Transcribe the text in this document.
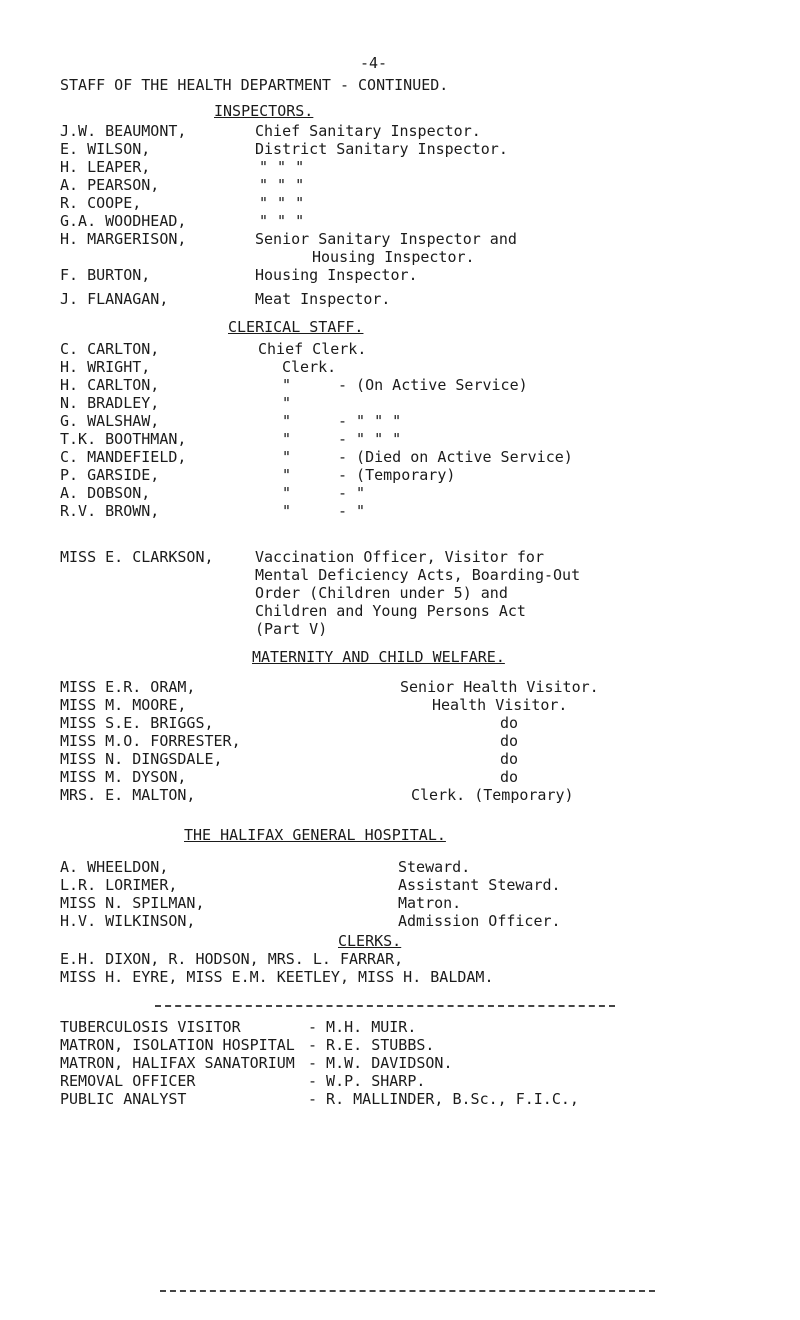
-4-
STAFF OF THE HEALTH DEPARTMENT - CONTINUED.
INSPECTORS.
J.W. BEAUMONT,
E. WILSON,
H. LEAPER,
A. PEARSON,
R. COOPE,
G.A. WOODHEAD,
H. MARGERISON,
F. BURTON,
J. FLANAGAN,
Chief Sanitary Inspector.
District Sanitary Inspector.
" " "
" " "
" " "
" " "
Senior Sanitary Inspector and
Housing Inspector.
Housing Inspector.
Meat Inspector.
CLERICAL STAFF.
C. CARLTON,
H. WRIGHT,
H. CARLTON,
N. BRADLEY,
G. WALSHAW,
T.K. BOOTHMAN,
C. MANDEFIELD,
P. GARSIDE,
A. DOBSON,
R.V. BROWN,
Chief Clerk.
Clerk.
"
"
"
"
"
"
"
"
- (On Active Service)
- " " "
- " " "
- (Died on Active Service)
- (Temporary)
- "
- "
MISS E. CLARKSON,	Vaccination Officer, Visitor for
Mental Deficiency Acts, Boarding-Out
Order (Children under 5) and
Children and Young Persons Act
(Part V)
MATERNITY AND CHILD WELFARE.
MISS E.R. ORAM,
MISS M. MOORE,
MISS S.E. BRIGGS,
MISS M.O. FORRESTER,
MISS N. DINGSDALE,
MISS M. DYSON,
MRS. E. MALTON,
Senior Health Visitor.
Health Visitor.
do
do
do
do
Clerk. (Temporary)
THE HALIFAX GENERAL HOSPITAL.
A. WHEELDON,
L.R. LORIMER,
MISS N. SPILMAN,
H.V. WILKINSON,
Steward.
Assistant Steward.
Matron.
Admission Officer.
CLERKS.
E.H. DIXON, R. HODSON, MRS. L. FARRAR,
MISS H. EYRE, MISS E.M. KEETLEY, MISS H. BALDAM.
TUBERCULOSIS VISITOR
MATRON, ISOLATION HOSPITAL
MATRON, HALIFAX SANATORIUM
REMOVAL OFFICER
PUBLIC ANALYST
- M.H. MUIR.
- R.E. STUBBS.
- M.W. DAVIDSON.
- W.P. SHARP.
- R. MALLINDER, B.Sc., F.I.C.,
